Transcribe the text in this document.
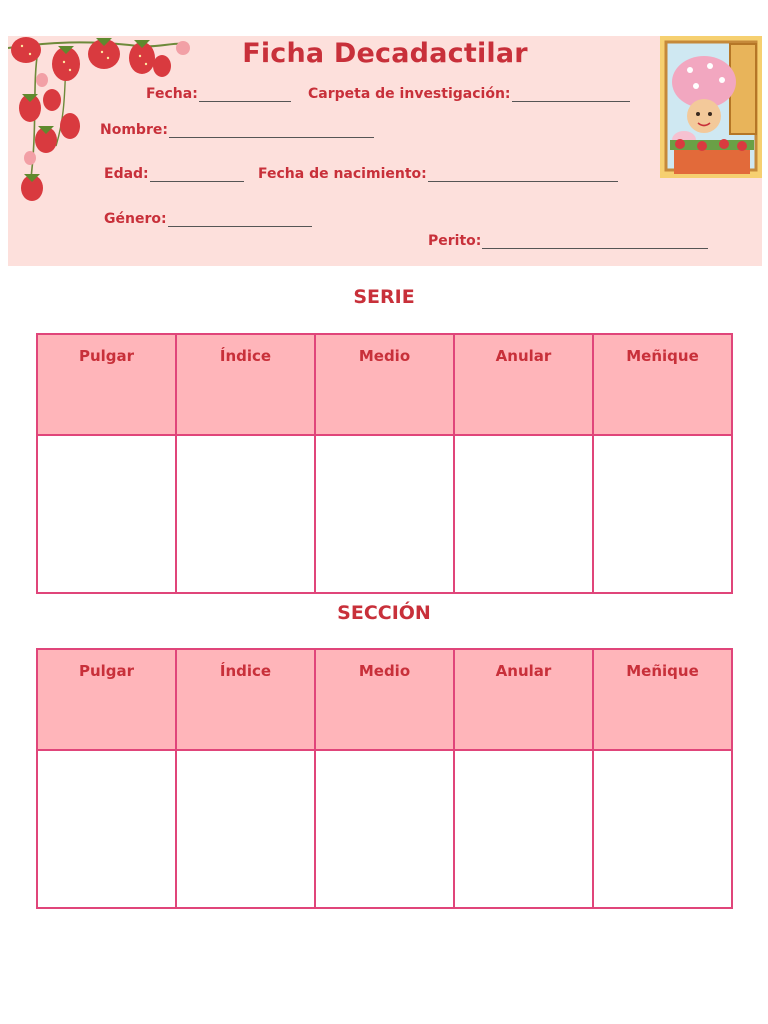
Ficha Decadactilar
Fecha:	Carpeta de investigación:
Nombre:
Edad:	Fecha de nacimiento:
Género:
Perito:
SERIE
Pulgar	Índice	Medio	Anular	Meñique

SECCIÓN
Pulgar	Índice	Medio	Anular	Meñique
